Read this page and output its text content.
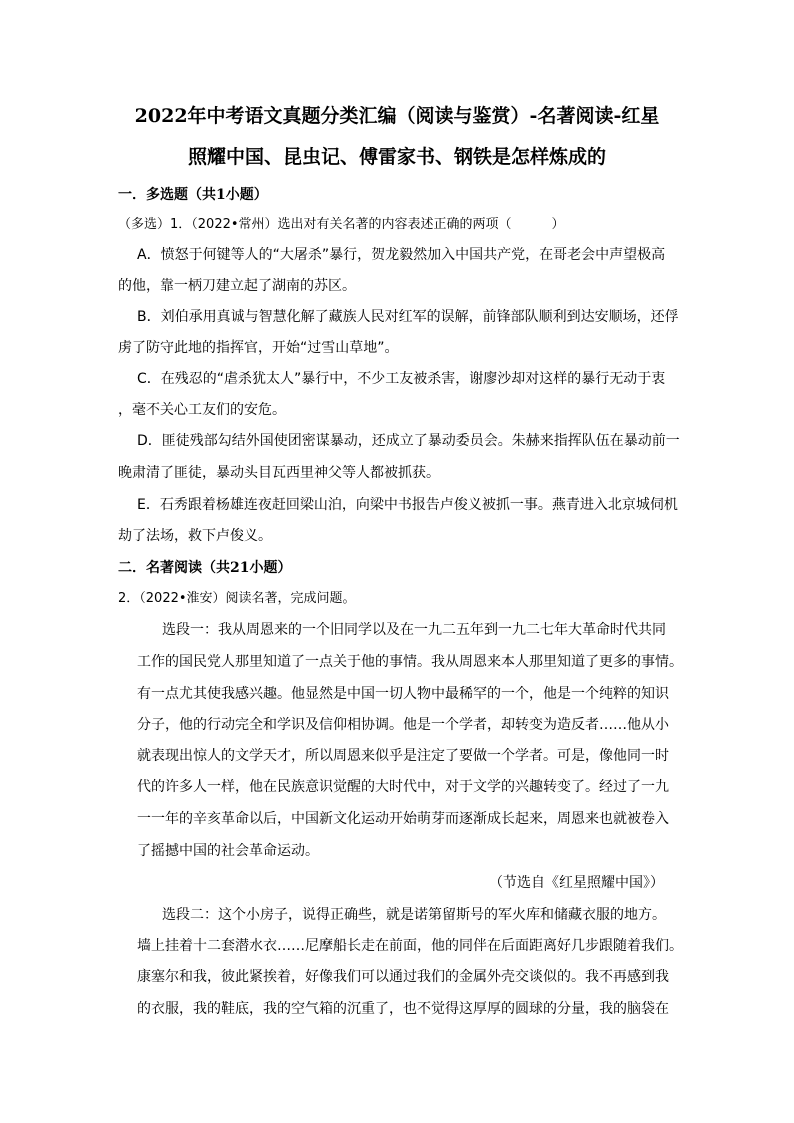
2022年中考语文真题分类汇编（阅读与鉴赏）-名著阅读-红星
照耀中国、昆虫记、傅雷家书、钢铁是怎样炼成的
一．多选题（共1小题）
（多选）1．（2022•常州）选出对有关名著的内容表述正确的两项（	）
A．愤怒于何键等人的“大屠杀”暴行，贺龙毅然加入中国共产党，在哥老会中声望极高
的他，靠一柄刀建立起了湖南的苏区。
B．刘伯承用真诚与智慧化解了藏族人民对红军的误解，前锋部队顺利到达安顺场，还俘
虏了防守此地的指挥官，开始“过雪山草地”。
C．在残忍的“虐杀犹太人”暴行中，不少工友被杀害，谢廖沙却对这样的暴行无动于衷
，毫不关心工友们的安危。
D．匪徒残部勾结外国使团密谋暴动，还成立了暴动委员会。朱赫来指挥队伍在暴动前一
晚肃清了匪徒，暴动头目瓦西里神父等人都被抓获。
E．石秀跟着杨雄连夜赶回梁山泊，向梁中书报告卢俊义被抓一事。燕青进入北京城伺机
劫了法场，救下卢俊义。
二．名著阅读（共21小题）
2．（2022•淮安）阅读名著，完成问题。
选段一：我从周恩来的一个旧同学以及在一九二五年到一九二七年大革命时代共同
工作的国民党人那里知道了一点关于他的事情。我从周恩来本人那里知道了更多的事情。
有一点尤其使我感兴趣。他显然是中国一切人物中最稀罕的一个，他是一个纯粹的知识
分子，他的行动完全和学识及信仰相协调。他是一个学者，却转变为造反者……他从小
就表现出惊人的文学天才，所以周恩来似乎是注定了要做一个学者。可是，像他同一时
代的许多人一样，他在民族意识觉醒的大时代中，对于文学的兴趣转变了。经过了一九
一一年的辛亥革命以后，中国新文化运动开始萌芽而逐渐成长起来，周恩来也就被卷入
了摇撼中国的社会革命运动。
（节选自《红星照耀中国》）
选段二：这个小房子，说得正确些，就是诺第留斯号的军火库和储藏衣服的地方。
墙上挂着十二套潜水衣……尼摩船长走在前面，他的同伴在后面距离好几步跟随着我们。
康塞尔和我，彼此紧挨着，好像我们可以通过我们的金属外壳交谈似的。我不再感到我
的衣服，我的鞋底，我的空气箱的沉重了，也不觉得这厚厚的圆球的分量，我的脑袋在
